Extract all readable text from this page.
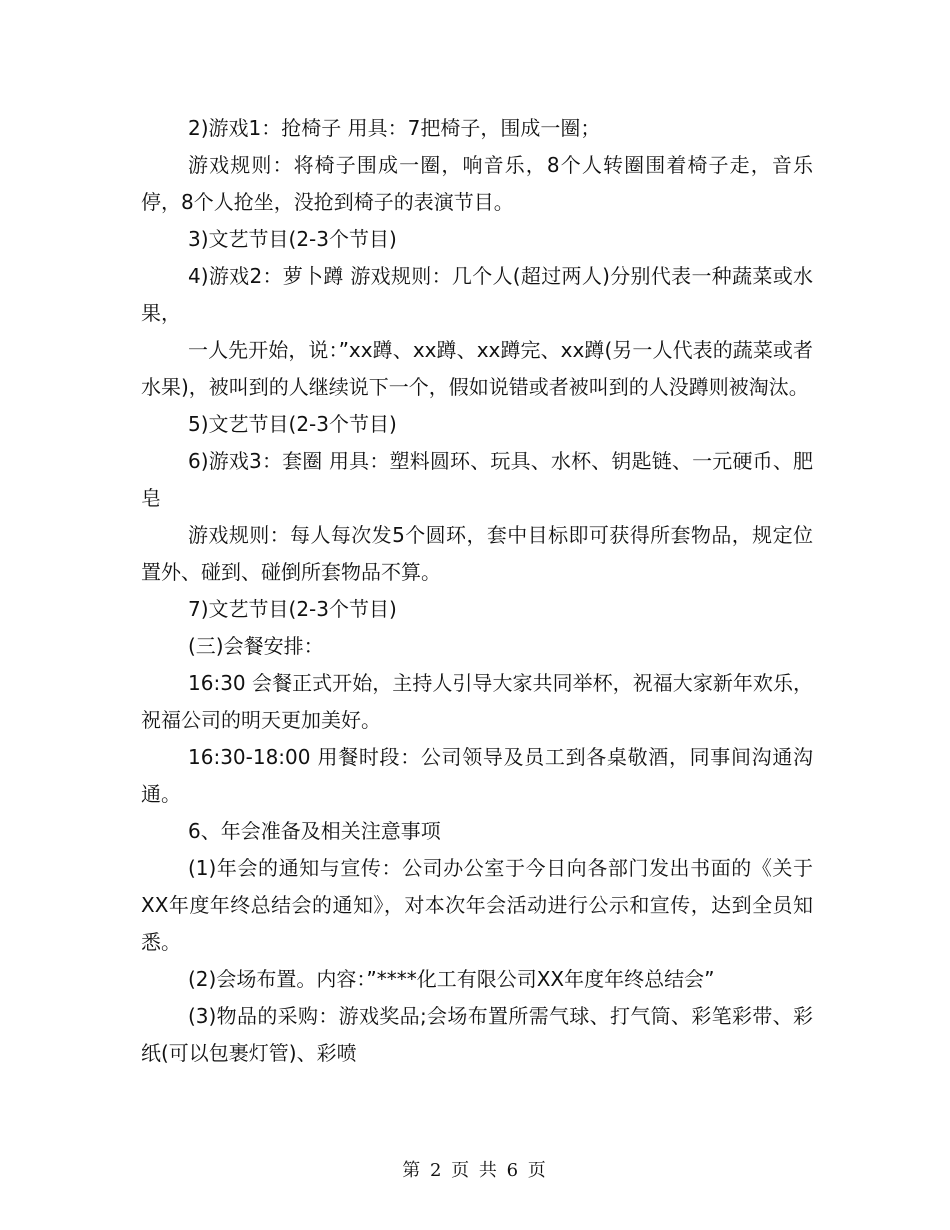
2)游戏1：抢椅子 用具：7把椅子，围成一圈；

游戏规则：将椅子围成一圈，响音乐，8个人转圈围着椅子走，音乐停，8个人抢坐，没抢到椅子的表演节目。

3)文艺节目(2-3个节目)

4)游戏2：萝卜蹲 游戏规则：几个人(超过两人)分别代表一种蔬菜或水果，

一人先开始，说：”xx蹲、xx蹲、xx蹲完、xx蹲(另一人代表的蔬菜或者水果)，被叫到的人继续说下一个，假如说错或者被叫到的人没蹲则被淘汰。

5)文艺节目(2-3个节目)

6)游戏3：套圈 用具：塑料圆环、玩具、水杯、钥匙链、一元硬币、肥皂

游戏规则：每人每次发5个圆环，套中目标即可获得所套物品，规定位置外、碰到、碰倒所套物品不算。

7)文艺节目(2-3个节目)

(三)会餐安排：

16:30 会餐正式开始，主持人引导大家共同举杯，祝福大家新年欢乐，祝福公司的明天更加美好。

16:30-18:00 用餐时段：公司领导及员工到各桌敬酒，同事间沟通沟通。

6、年会准备及相关注意事项

(1)年会的通知与宣传：公司办公室于今日向各部门发出书面的《关于XX年度年终总结会的通知》，对本次年会活动进行公示和宣传，达到全员知悉。

(2)会场布置。内容：”****化工有限公司XX年度年终总结会”

(3)物品的采购：游戏奖品;会场布置所需气球、打气筒、彩笔彩带、彩纸(可以包裹灯管)、彩喷

第 2 页 共 6 页
